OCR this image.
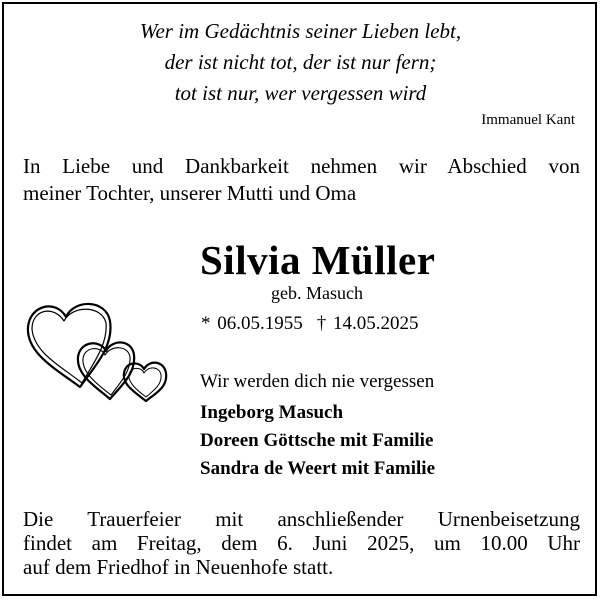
Wer im Gedächtnis seiner Lieben lebt,
der ist nicht tot, der ist nur fern;
tot ist nur, wer vergessen wird
Immanuel Kant
In Liebe und Dankbarkeit nehmen wir Abschied von
meiner Tochter, unserer Mutti und Oma
Silvia Müller
geb. Masuch
* 06.05.1955 † 14.05.2025
Wir werden dich nie vergessen
Ingeborg Masuch
Doreen Göttsche mit Familie
Sandra de Weert mit Familie
Die Trauerfeier mit anschließender Urnenbeisetzung
findet am Freitag, dem 6. Juni 2025, um 10.00 Uhr
auf dem Friedhof in Neuenhofe statt.
